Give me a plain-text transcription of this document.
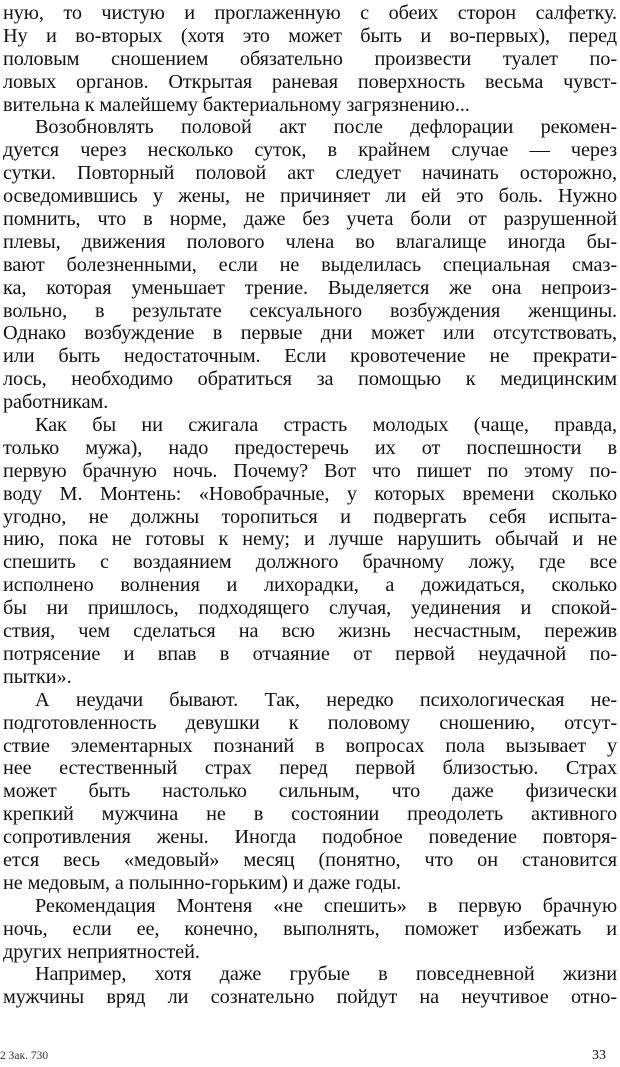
ную, то чистую и проглаженную с обеих сторон салфетку.
Ну и во-вторых (хотя это может быть и во-первых), перед
половым сношением обязательно произвести туалет по-
ловых органов. Открытая раневая поверхность весьма чувст-
вительна к малейшему бактериальному загрязнению...
Возобновлять половой акт после дефлорации рекомен-
дуется через несколько суток, в крайнем случае — через
сутки. Повторный половой акт следует начинать осторожно,
осведомившись у жены, не причиняет ли ей это боль. Нужно
помнить, что в норме, даже без учета боли от разрушенной
плевы, движения полового члена во влагалище иногда бы-
вают болезненными, если не выделилась специальная смаз-
ка, которая уменьшает трение. Выделяется же она непроиз-
вольно, в результате сексуального возбуждения женщины.
Однако возбуждение в первые дни может или отсутствовать,
или быть недостаточным. Если кровотечение не прекрати-
лось, необходимо обратиться за помощью к медицинским
работникам.
Как бы ни сжигала страсть молодых (чаще, правда,
только мужа), надо предостеречь их от поспешности в
первую брачную ночь. Почему? Вот что пишет по этому по-
воду М. Монтень: «Новобрачные, у которых времени сколько
угодно, не должны торопиться и подвергать себя испыта-
нию, пока не готовы к нему; и лучше нарушить обычай и не
спешить с воздаянием должного брачному ложу, где все
исполнено волнения и лихорадки, а дожидаться, сколько
бы ни пришлось, подходящего случая, уединения и спокой-
ствия, чем сделаться на всю жизнь несчастным, пережив
потрясение и впав в отчаяние от первой неудачной по-
пытки».
А неудачи бывают. Так, нередко психологическая не-
подготовленность девушки к половому сношению, отсут-
ствие элементарных познаний в вопросах пола вызывает у
нее естественный страх перед первой близостью. Страх
может быть настолько сильным, что даже физически
крепкий мужчина не в состоянии преодолеть активного
сопротивления жены. Иногда подобное поведение повторя-
ется весь «медовый» месяц (понятно, что он становится
не медовым, а полынно-горьким) и даже годы.
Рекомендация Монтеня «не спешить» в первую брачную
ночь, если ее, конечно, выполнять, поможет избежать и
других неприятностей.
Например, хотя даже грубые в повседневной жизни
мужчины вряд ли сознательно пойдут на неучтивое отно-
2 Зак. 730	33
